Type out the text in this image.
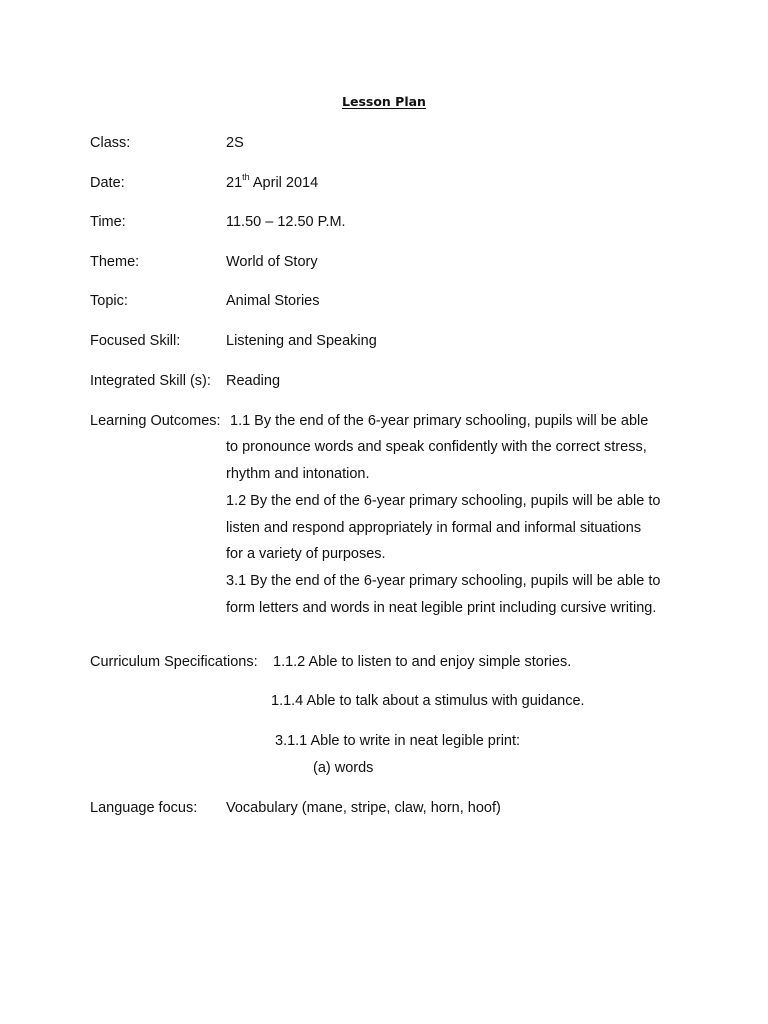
Lesson Plan
Class:	2S
Date:	21th April 2014
Time:	11.50 – 12.50 P.M.
Theme:	World of Story
Topic:	Animal Stories
Focused Skill:	Listening and Speaking
Integrated Skill (s): Reading
Learning Outcomes: 1.1 By the end of the 6-year primary schooling, pupils will be able
to pronounce words and speak confidently with the correct stress,
rhythm and intonation.
1.2 By the end of the 6-year primary schooling, pupils will be able to
listen and respond appropriately in formal and informal situations
for a variety of purposes.
3.1 By the end of the 6-year primary schooling, pupils will be able to
form letters and words in neat legible print including cursive writing.
Curriculum Specifications: 1.1.2 Able to listen to and enjoy simple stories.
1.1.4 Able to talk about a stimulus with guidance.
3.1.1 Able to write in neat legible print:
(a) words
Language focus: Vocabulary (mane, stripe, claw, horn, hoof)
